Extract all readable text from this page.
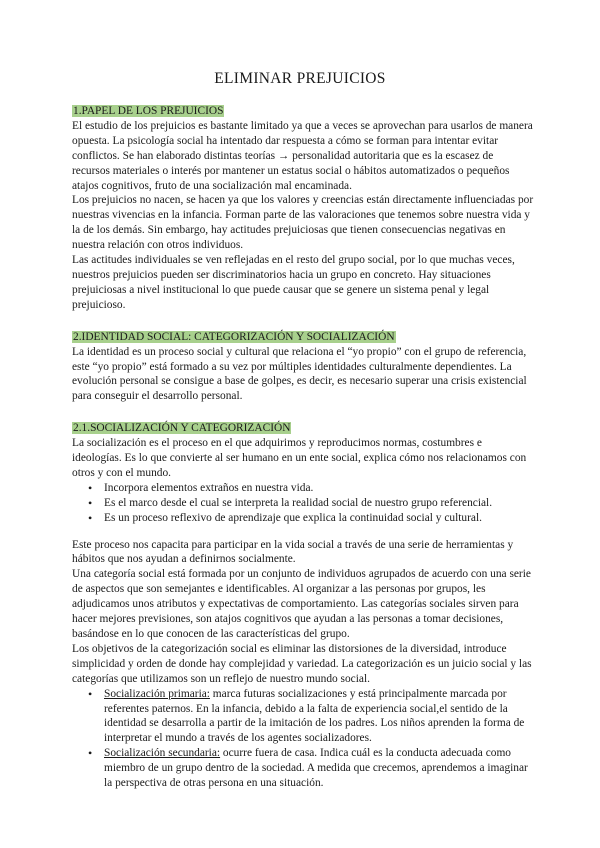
ELIMINAR PREJUICIOS
1.PAPEL DE LOS PREJUICIOS

El estudio de los prejuicios es bastante limitado ya que a veces se aprovechan para usarlos de manera opuesta. La psicología social ha intentado dar respuesta a cómo se forman para intentar evitar conflictos. Se han elaborado distintas teorías → personalidad autoritaria que es la escasez de recursos materiales o interés por mantener un estatus social o hábitos automatizados o pequeños atajos cognitivos, fruto de una socialización mal encaminada.

Los prejuicios no nacen, se hacen ya que los valores y creencias están directamente influenciadas por nuestras vivencias en la infancia. Forman parte de las valoraciones que tenemos sobre nuestra vida y la de los demás. Sin embargo, hay actitudes prejuiciosas que tienen consecuencias negativas en nuestra relación con otros individuos.

Las actitudes individuales se ven reflejadas en el resto del grupo social, por lo que muchas veces, nuestros prejuicios pueden ser discriminatorios hacia un grupo en concreto. Hay situaciones prejuiciosas a nivel institucional lo que puede causar que se genere un sistema penal y legal prejuicioso.

2.IDENTIDAD SOCIAL: CATEGORIZACIÓN Y SOCIALIZACIÓN

La identidad es un proceso social y cultural que relaciona el “yo propio” con el grupo de referencia, este “yo propio” está formado a su vez por múltiples identidades culturalmente dependientes. La evolución personal se consigue a base de golpes, es decir, es necesario superar una crisis existencial para conseguir el desarrollo personal.

2.1.SOCIALIZACIÓN Y CATEGORIZACIÓN

La socialización es el proceso en el que adquirimos y reproducimos normas, costumbres e ideologías. Es lo que convierte al ser humano en un ente social, explica cómo nos relacionamos con otros y con el mundo.

• Incorpora elementos extraños en nuestra vida.
• Es el marco desde el cual se interpreta la realidad social de nuestro grupo referencial.
• Es un proceso reflexivo de aprendizaje que explica la continuidad social y cultural.

Este proceso nos capacita para participar en la vida social a través de una serie de herramientas y hábitos que nos ayudan a definirnos socialmente.

Una categoría social está formada por un conjunto de individuos agrupados de acuerdo con una serie de aspectos que son semejantes e identificables. Al organizar a las personas por grupos, les adjudicamos unos atributos y expectativas de comportamiento. Las categorías sociales sirven para hacer mejores previsiones, son atajos cognitivos que ayudan a las personas a tomar decisiones, basándose en lo que conocen de las características del grupo.

Los objetivos de la categorización social es eliminar las distorsiones de la diversidad, introduce simplicidad y orden de donde hay complejidad y variedad. La categorización es un juicio social y las categorías que utilizamos son un reflejo de nuestro mundo social.

• Socialización primaria: marca futuras socializaciones y está principalmente marcada por referentes paternos. En la infancia, debido a la falta de experiencia social,el sentido de la identidad se desarrolla a partir de la imitación de los padres. Los niños aprenden la forma de interpretar el mundo a través de los agentes socializadores.
• Socialización secundaria: ocurre fuera de casa. Indica cuál es la conducta adecuada como miembro de un grupo dentro de la sociedad. A medida que crecemos, aprendemos a imaginar la perspectiva de otras persona en una situación.
